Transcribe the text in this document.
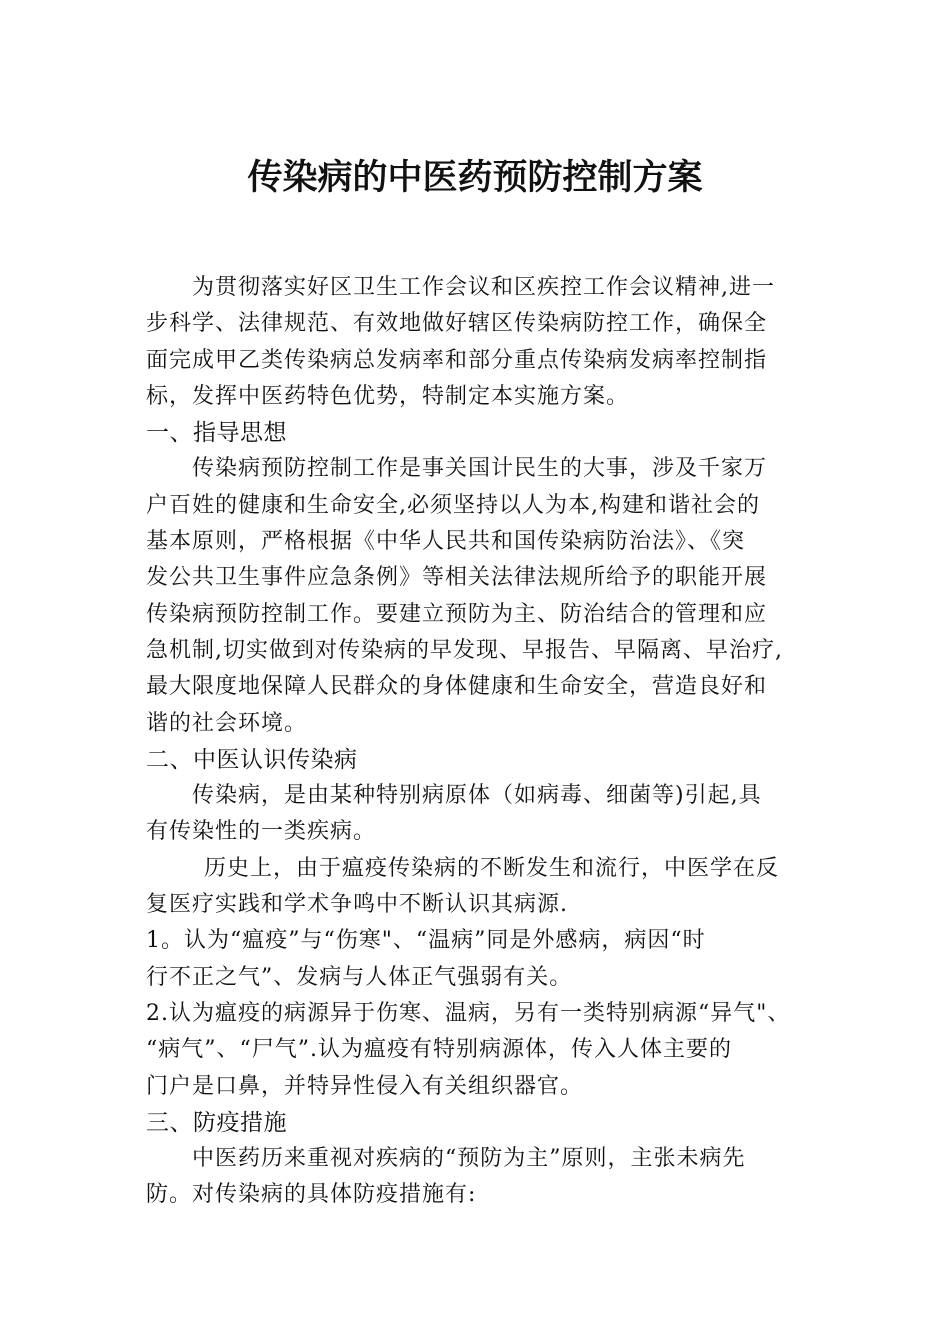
传染病的中医药预防控制方案
为贯彻落实好区卫生工作会议和区疾控工作会议精神,进一
步科学、法律规范、有效地做好辖区传染病防控工作，确保全
面完成甲乙类传染病总发病率和部分重点传染病发病率控制指
标，发挥中医药特色优势，特制定本实施方案。
一、指导思想
传染病预防控制工作是事关国计民生的大事，涉及千家万
户百姓的健康和生命安全,必须坚持以人为本,构建和谐社会的
基本原则，严格根据《中华人民共和国传染病防治法》、《突
发公共卫生事件应急条例》等相关法律法规所给予的职能开展
传染病预防控制工作。要建立预防为主、防治结合的管理和应
急机制,切实做到对传染病的早发现、早报告、早隔离、早治疗,
最大限度地保障人民群众的身体健康和生命安全，营造良好和
谐的社会环境。
二、中医认识传染病
传染病，是由某种特别病原体（如病毒、细菌等)引起,具
有传染性的一类疾病。
历史上，由于瘟疫传染病的不断发生和流行，中医学在反
复医疗实践和学术争鸣中不断认识其病源.
1。认为“瘟疫”与“伤寒"、“温病”同是外感病，病因“时
行不正之气”、发病与人体正气强弱有关。
2.认为瘟疫的病源异于伤寒、温病，另有一类特别病源“异气"、
“病气”、“尸气”.认为瘟疫有特别病源体，传入人体主要的
门户是口鼻，并特异性侵入有关组织器官。
三、防疫措施
中医药历来重视对疾病的“预防为主”原则，主张未病先
防。对传染病的具体防疫措施有:
